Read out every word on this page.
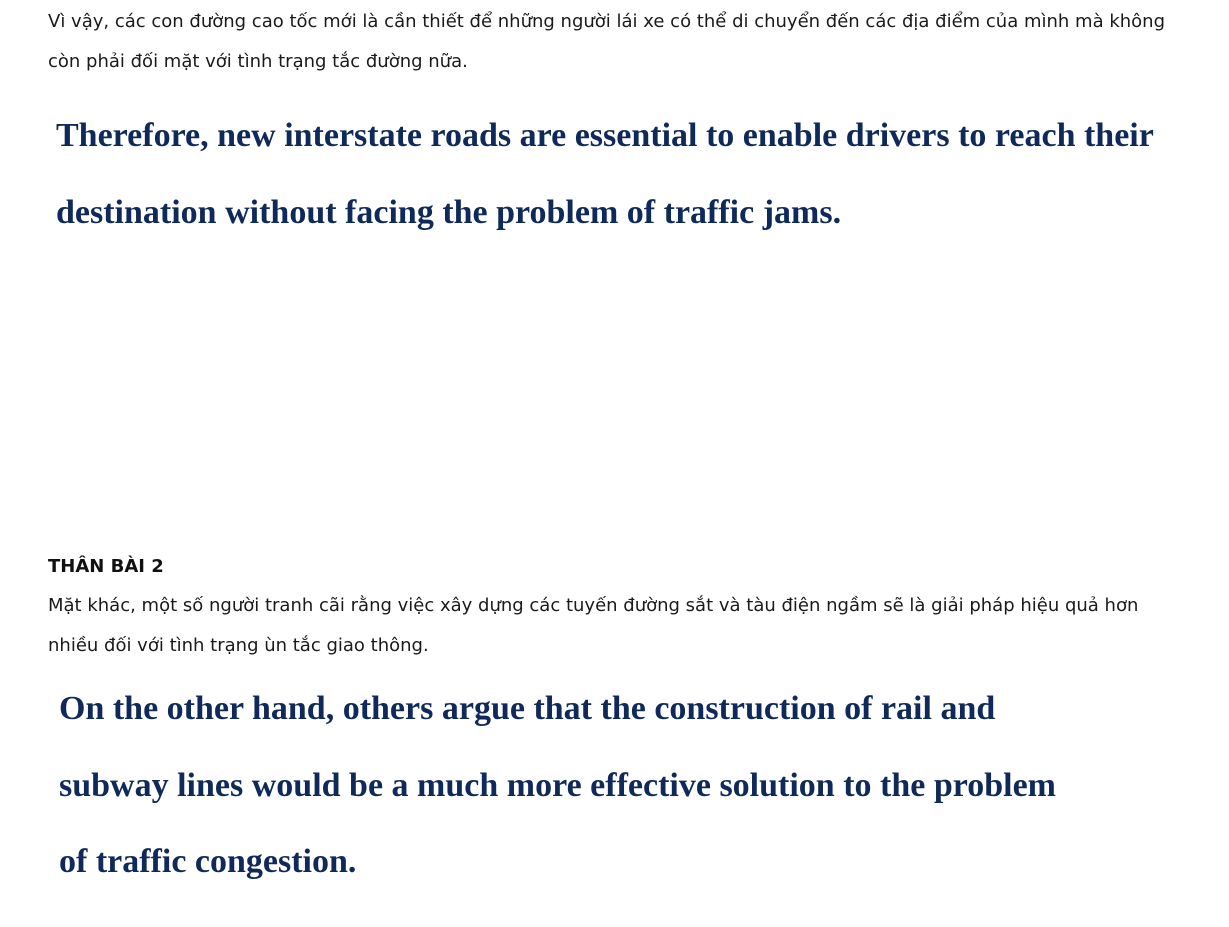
Vì vậy, các con đường cao tốc mới là cần thiết để những người lái xe có thể di chuyển đến các địa điểm của mình mà không còn phải đối mặt với tình trạng tắc đường nữa.

Therefore, new interstate roads are essential to enable drivers to reach their destination without facing the problem of traffic jams.

THÂN BÀI 2

Mặt khác, một số người tranh cãi rằng việc xây dựng các tuyến đường sắt và tàu điện ngầm sẽ là giải pháp hiệu quả hơn nhiều đối với tình trạng ùn tắc giao thông.

On the other hand, others argue that the construction of rail and subway lines would be a much more effective solution to the problem of traffic congestion.
